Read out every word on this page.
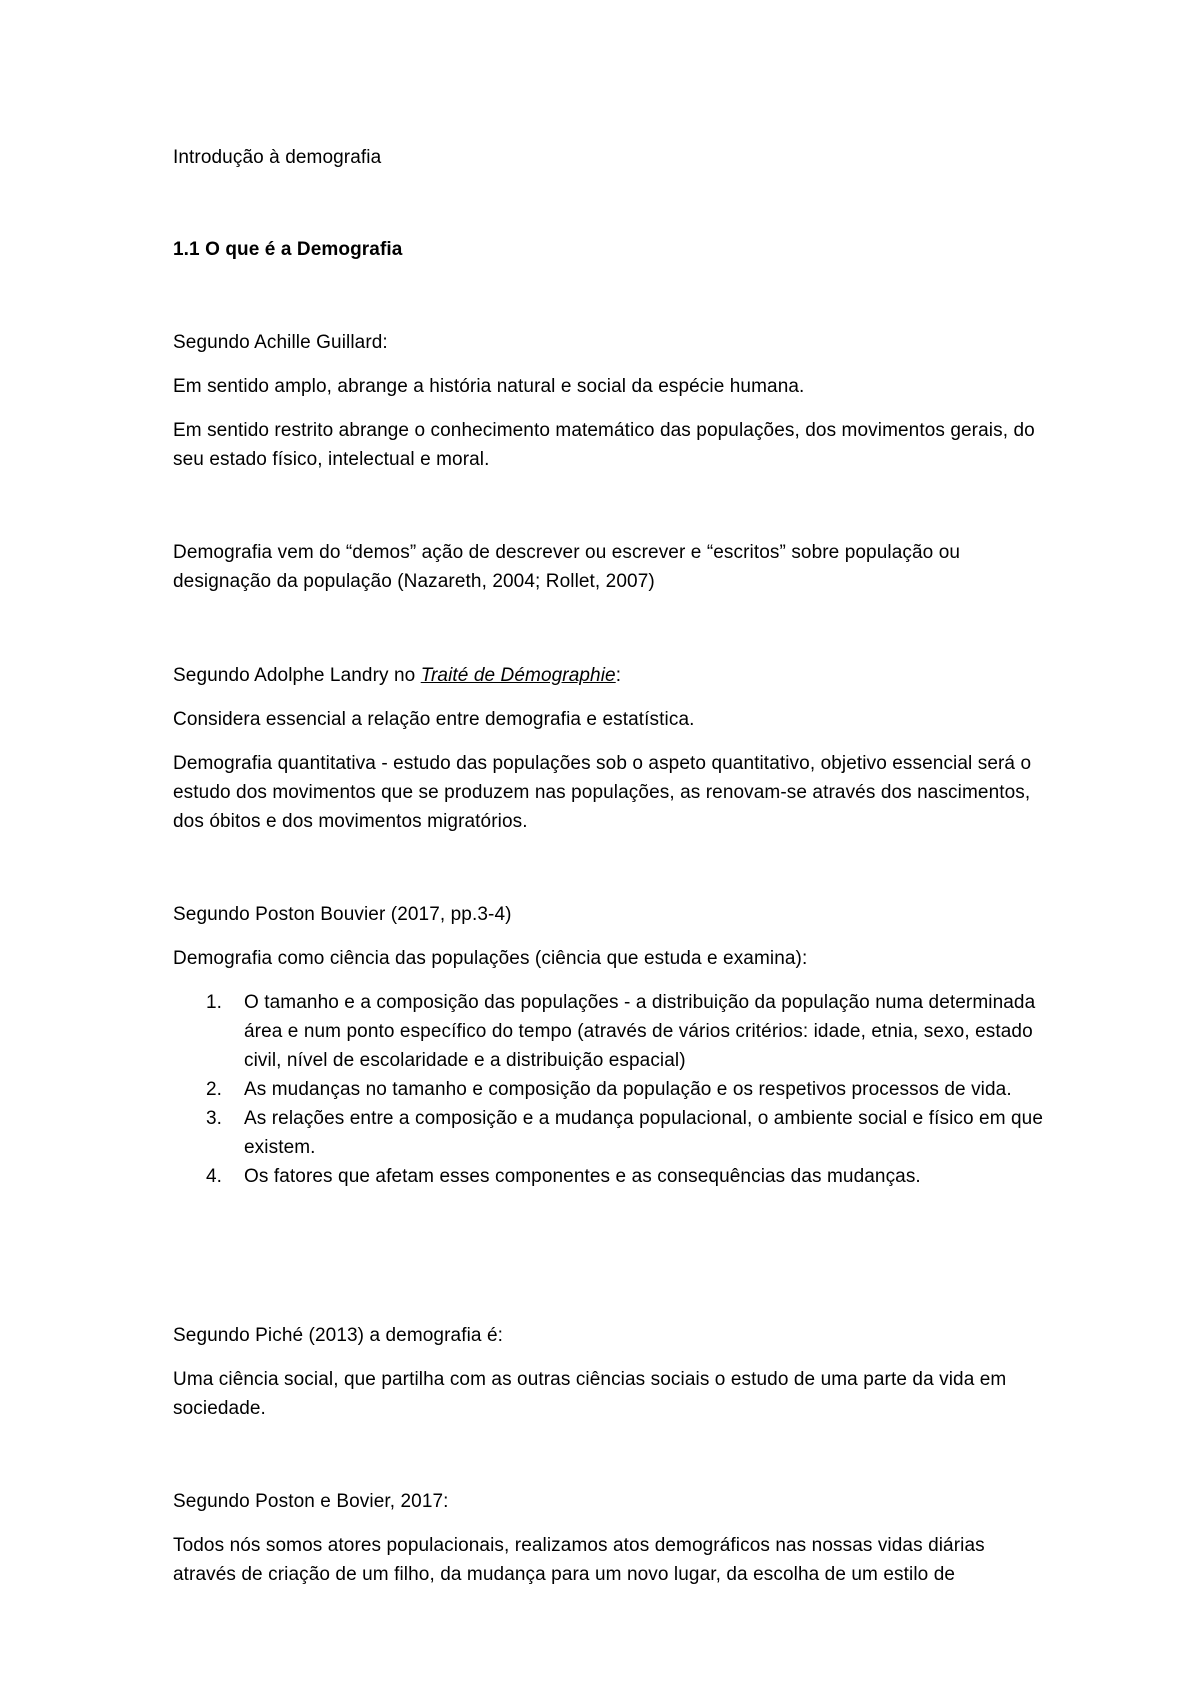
Introdução à demografia

1.1 O que é a Demografia

Segundo Achille Guillard:

Em sentido amplo, abrange a história natural e social da espécie humana.

Em sentido restrito abrange o conhecimento matemático das populações, dos movimentos gerais, do seu estado físico, intelectual e moral.

Demografia vem do “demos” ação de descrever ou escrever e “escritos” sobre população ou designação da população (Nazareth, 2004; Rollet, 2007)

Segundo Adolphe Landry no Traité de Démographie:

Considera essencial a relação entre demografia e estatística.

Demografia quantitativa - estudo das populações sob o aspeto quantitativo, objetivo essencial será o estudo dos movimentos que se produzem nas populações, as renovam-se através dos nascimentos, dos óbitos e dos movimentos migratórios.

Segundo Poston Bouvier (2017, pp.3-4)

Demografia como ciência das populações (ciência que estuda e examina):

1. O tamanho e a composição das populações - a distribuição da população numa determinada área e num ponto específico do tempo (através de vários critérios: idade, etnia, sexo, estado civil, nível de escolaridade e a distribuição espacial)
2. As mudanças no tamanho e composição da população e os respetivos processos de vida.
3. As relações entre a composição e a mudança populacional, o ambiente social e físico em que existem.
4. Os fatores que afetam esses componentes e as consequências das mudanças.

Segundo Piché (2013) a demografia é:

Uma ciência social, que partilha com as outras ciências sociais o estudo de uma parte da vida em sociedade.

Segundo Poston e Bovier, 2017:

Todos nós somos atores populacionais, realizamos atos demográficos nas nossas vidas diárias através de criação de um filho, da mudança para um novo lugar, da escolha de um estilo de
